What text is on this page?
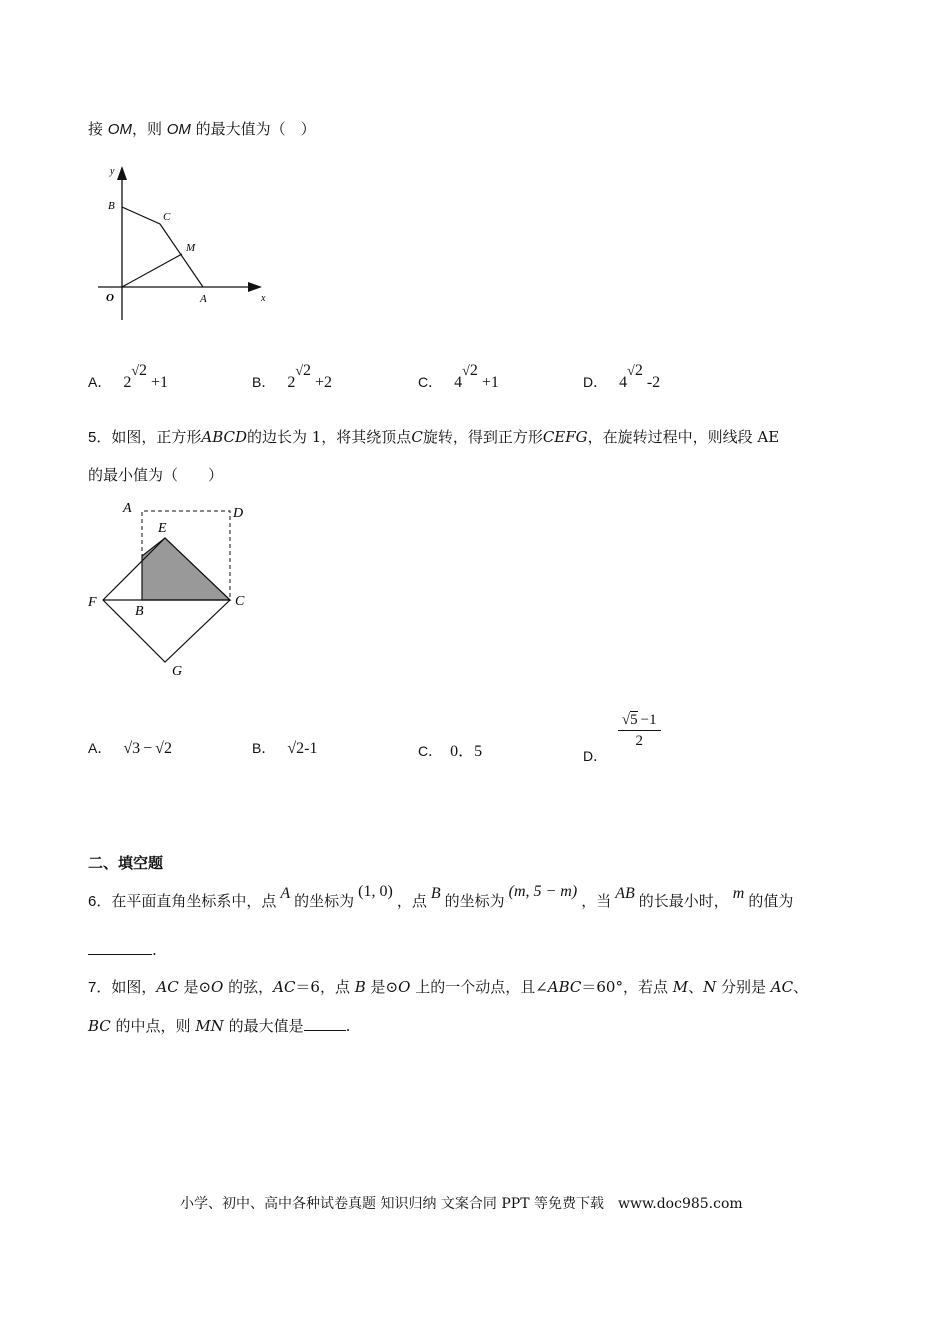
接 OM，则 OM 的最大值为（　）
y
x
O	A
B
C
M
A． 2√2+1	B． 2√2+2	C． 4√2+1	D． 4√2-2
5．如图，正方形ABCD的边长为 1，将其绕顶点C旋转，得到正方形CEFG，在旋转过程中，则线段 AE
的最小值为（　　）
A	D
E
F
B
C
G
A． √3 − √2	B． √2-1	C． 0．5	D．
$\frac{√5 -1}{2}$
二、填空题
6．在平面直角坐标系中，点 A 的坐标为(1, 0)，点 B 的坐标为(m, 5 − m)，当 AB 的长最小时， m 的值为
.
7．如图，AC 是⊙O 的弦，AC＝6，点 B 是⊙O 上的一个动点，且∠ABC＝60°，若点 M、N 分别是 AC、
BC 的中点，则 MN 的最大值是	.
小学、初中、高中各种试卷真题 知识归纳 文案合同 PPT 等免费下载　www.doc985.com
